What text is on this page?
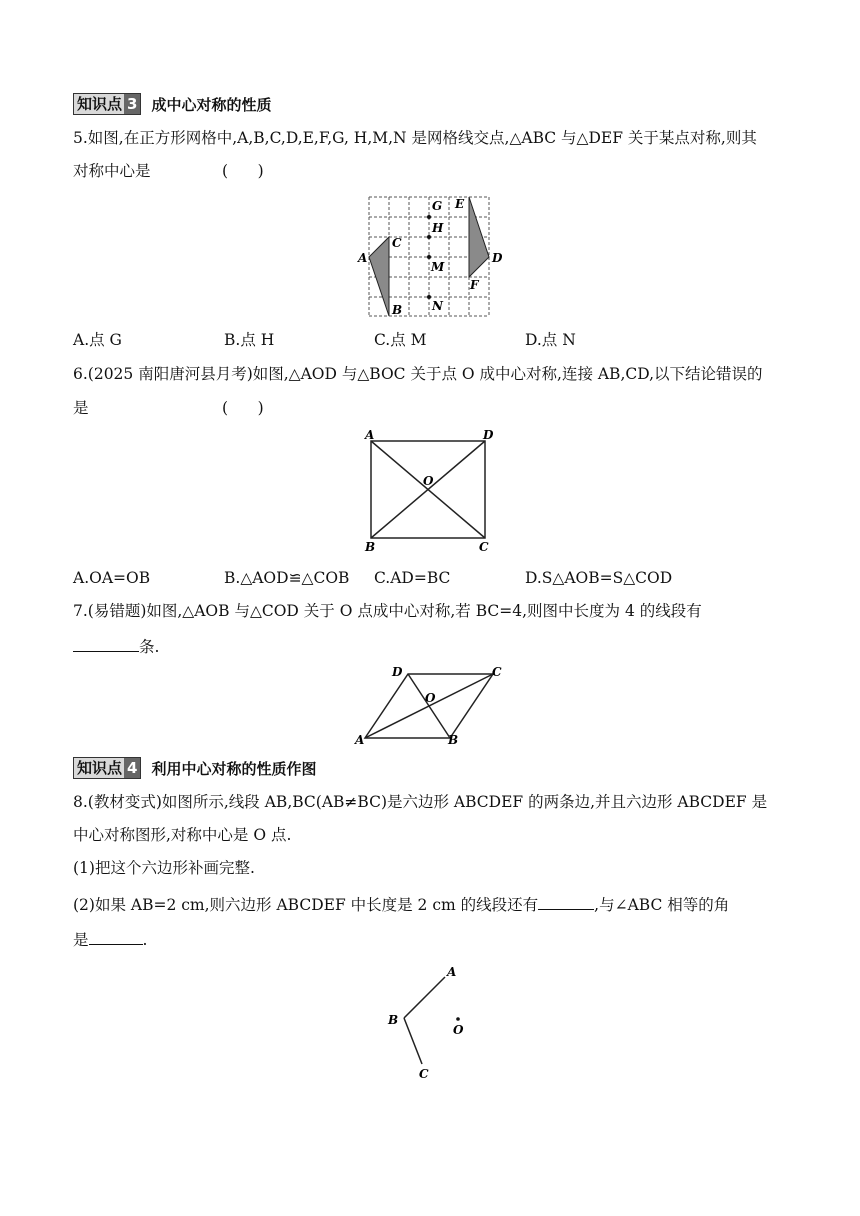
知识点 3 成中心对称的性质
5.如图,在正方形网格中,A,B,C,D,E,F,G, H,M,N 是网格线交点,△ABC 与△DEF 关于某点对称,则其
对称中心是	(      )
A
B
C
D
E
F
G
H
M
N
A.点 G	B.点 H	C.点 M	D.点 N
6.(2025 南阳唐河县月考)如图,△AOD 与△BOC 关于点 O 成中心对称,连接 AB,CD,以下结论错误的
是	(      )
A	D
O
B	C
A.OA=OB	B.△AOD≌△COB C.AD=BC	D.S△AOB=S△COD
7.(易错题)如图,△AOB 与△COD 关于 O 点成中心对称,若 BC=4,则图中长度为 4 的线段有
条.
A	B
C
D
O
知识点 4 利用中心对称的性质作图
8.(教材变式)如图所示,线段 AB,BC(AB≠BC)是六边形 ABCDEF 的两条边,并且六边形 ABCDEF 是
中心对称图形,对称中心是 O 点.
(1)把这个六边形补画完整.
(2)如果 AB=2 cm,则六边形 ABCDEF 中长度是 2 cm 的线段还有	,与∠ABC 相等的角
是	.
A
B
C
O
